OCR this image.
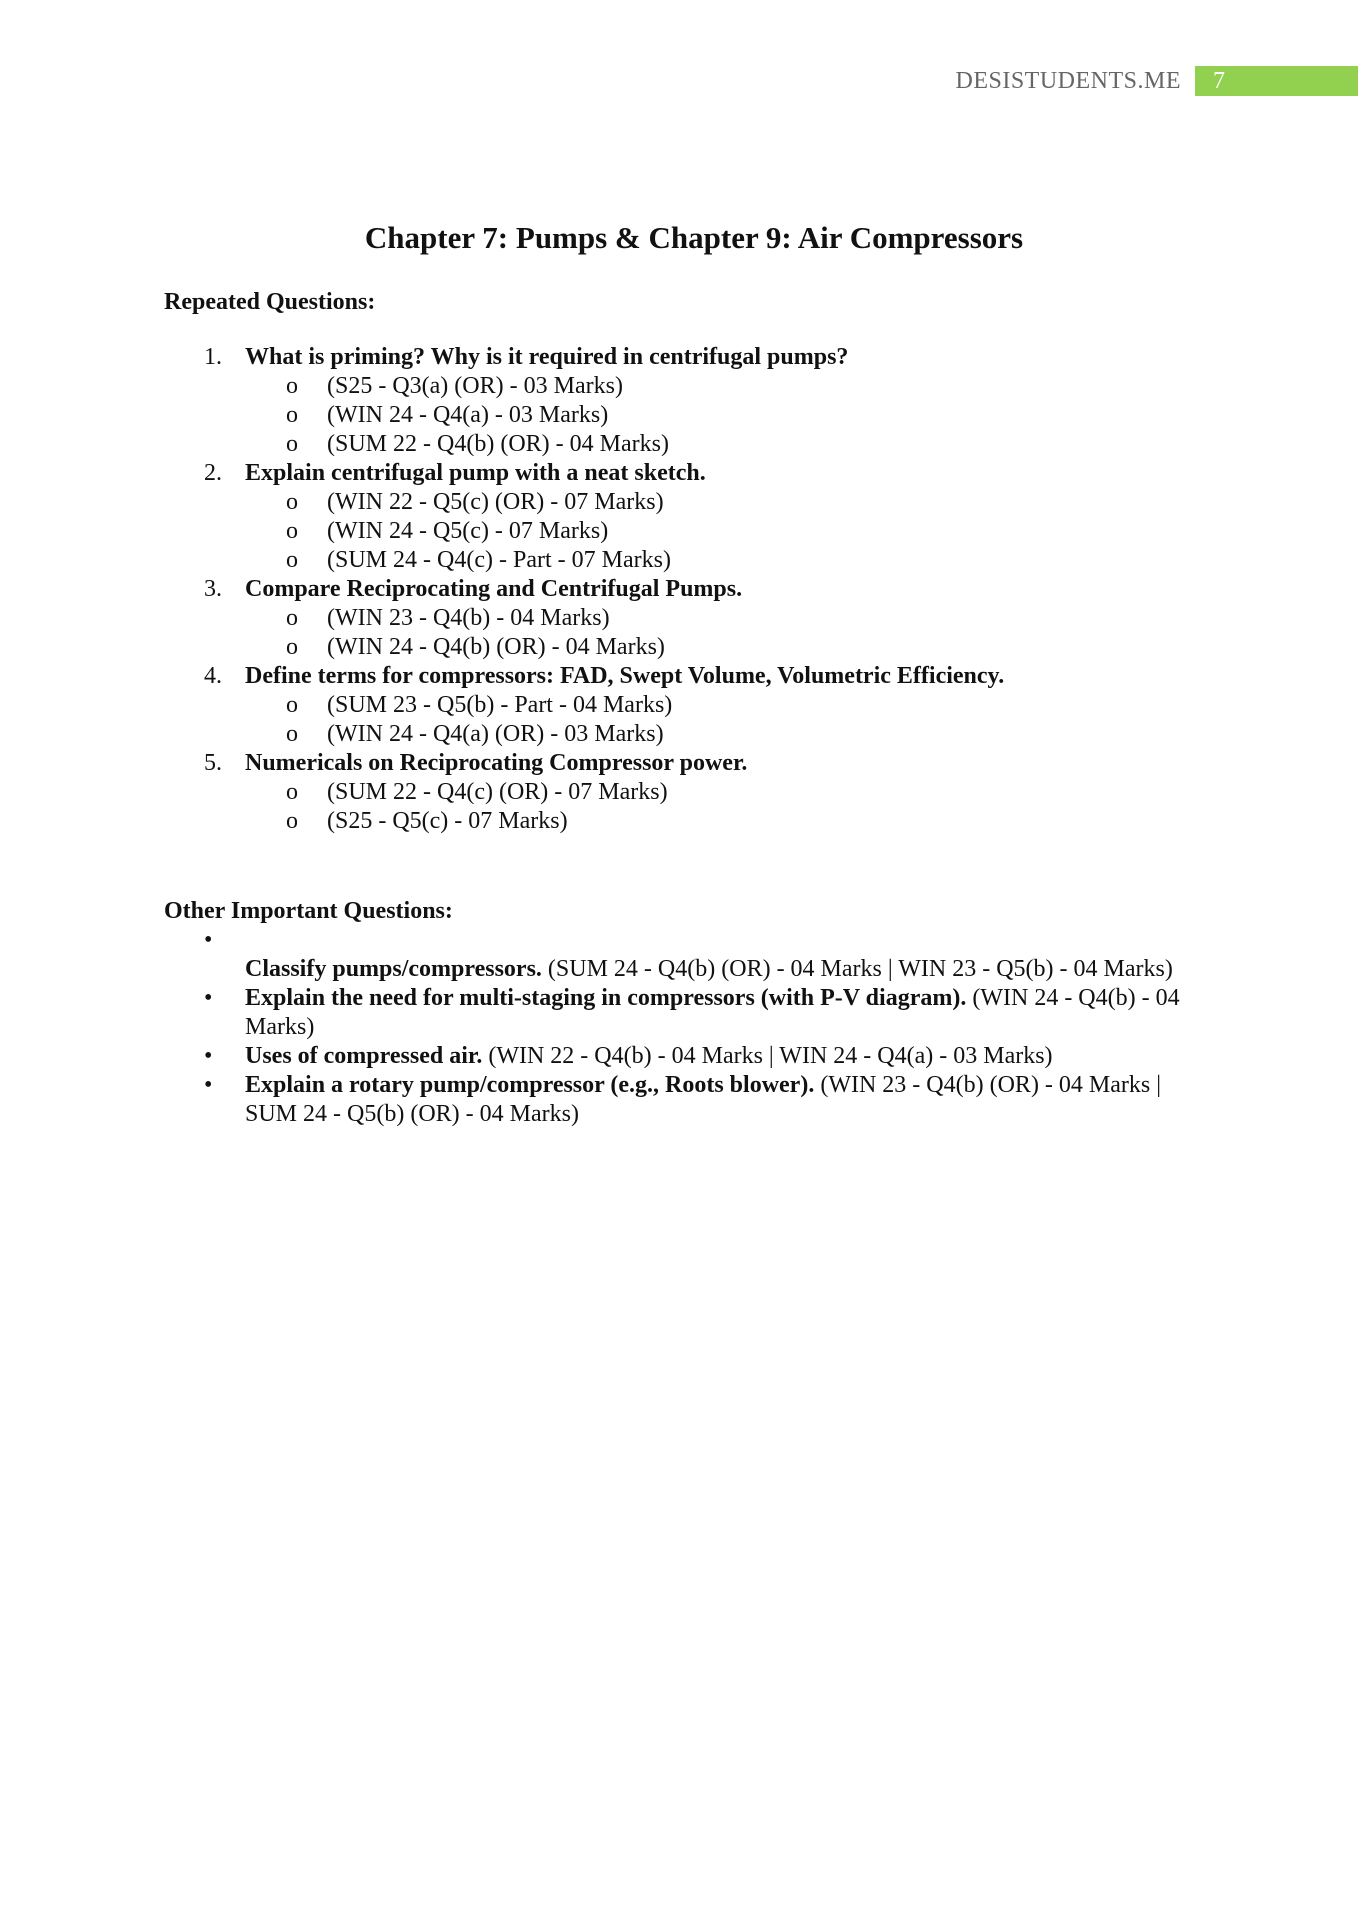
DESISTUDENTS.ME	7
Chapter 7: Pumps & Chapter 9: Air Compressors
Repeated Questions:
1. What is priming? Why is it required in centrifugal pumps?
o (S25 - Q3(a) (OR) - 03 Marks)
o (WIN 24 - Q4(a) - 03 Marks)
o (SUM 22 - Q4(b) (OR) - 04 Marks)
2. Explain centrifugal pump with a neat sketch.
o (WIN 22 - Q5(c) (OR) - 07 Marks)
o (WIN 24 - Q5(c) - 07 Marks)
o (SUM 24 - Q4(c) - Part - 07 Marks)
3. Compare Reciprocating and Centrifugal Pumps.
o (WIN 23 - Q4(b) - 04 Marks)
o (WIN 24 - Q4(b) (OR) - 04 Marks)
4. Define terms for compressors: FAD, Swept Volume, Volumetric Efficiency.
o (SUM 23 - Q5(b) - Part - 04 Marks)
o (WIN 24 - Q4(a) (OR) - 03 Marks)
5. Numericals on Reciprocating Compressor power.
o (SUM 22 - Q4(c) (OR) - 07 Marks)
o (S25 - Q5(c) - 07 Marks)
Other Important Questions:
•
Classify pumps/compressors. (SUM 24 - Q4(b) (OR) - 04 Marks | WIN 23 - Q5(b) - 04 Marks)
• Explain the need for multi-staging in compressors (with P-V diagram). (WIN 24 - Q4(b) - 04 Marks)
• Uses of compressed air. (WIN 22 - Q4(b) - 04 Marks | WIN 24 - Q4(a) - 03 Marks)
• Explain a rotary pump/compressor (e.g., Roots blower). (WIN 23 - Q4(b) (OR) - 04 Marks | SUM 24 - Q5(b) (OR) - 04 Marks)
